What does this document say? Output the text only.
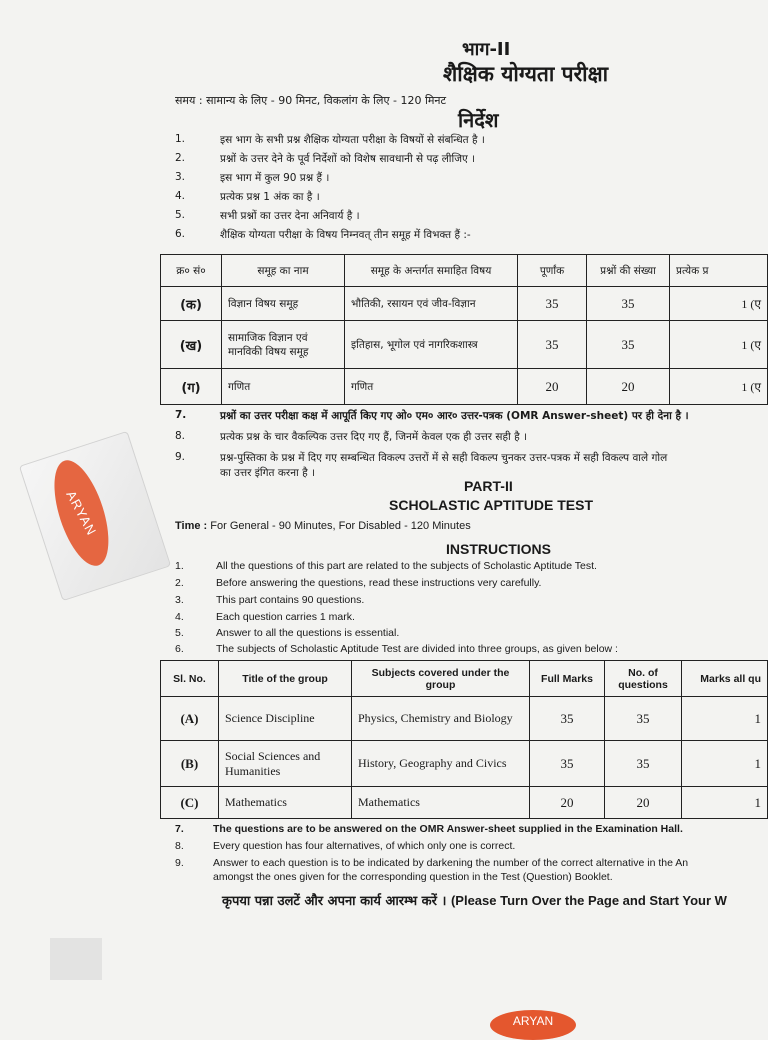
भाग-II
शैक्षिक योग्यता परीक्षा
समय : सामान्य के लिए - 90 मिनट, विकलांग के लिए - 120 मिनट
निर्देश
1.	इस भाग के सभी प्रश्न शैक्षिक योग्यता परीक्षा के विषयों से संबन्धित है ।
2.	प्रश्नों के उत्तर देने के पूर्व निर्देशों को विशेष सावधानी से पढ़ लीजिए ।
3.	इस भाग में कुल 90 प्रश्न हैं ।
4.	प्रत्येक प्रश्न 1 अंक का है ।
5.	सभी प्रश्नों का उत्तर देना अनिवार्य है ।
6.	शैक्षिक योग्यता परीक्षा के विषय निम्नवत् तीन समूह में विभक्त हैं :-
क्र० सं०	समूह का नाम	समूह के अन्तर्गत समाहित विषय	पूर्णांक	प्रश्नों की संख्या	प्रत्येक प्र
(क)	विज्ञान विषय समूह	भौतिकी, रसायन एवं जीव-विज्ञान	35	35	1 (ए
(ख)	सामाजिक विज्ञान एवं मानविकी विषय समूह	इतिहास, भूगोल एवं नागरिकशास्त्र	35	35	1 (ए
(ग)	गणित	गणित	20	20	1 (ए
7.	प्रश्नों का उत्तर परीक्षा कक्ष में आपूर्ति किए गए ओ० एम० आर० उत्तर-पत्रक (OMR Answer-sheet) पर ही देना है ।
8.	प्रत्येक प्रश्न के चार वैकल्पिक उत्तर दिए गए हैं, जिनमें केवल एक ही उत्तर सही है ।
9.	प्रश्न-पुस्तिका के प्रश्न में दिए गए सम्बन्धित विकल्प उत्तरों में से सही विकल्प चुनकर उत्तर-पत्रक में सही विकल्प वाले गोल
का उत्तर इंगित करना है ।
PART-II
SCHOLASTIC APTITUDE TEST
Time : For General - 90 Minutes, For Disabled - 120 Minutes
INSTRUCTIONS
1.	All the questions of this part are related to the subjects of Scholastic Aptitude Test.
2.	Before answering the questions, read these instructions very carefully.
3.	This part contains 90 questions.
4.	Each question carries 1 mark.
5.	Answer to all the questions is essential.
6.	The subjects of Scholastic Aptitude Test are divided into three groups, as given below :
Sl. No.	Title of the group	Subjects covered under the group	Full Marks	No. of questions	Marks all qu
(A)	Science Discipline	Physics, Chemistry and Biology	35	35	1
(B)	Social Sciences and Humanities	History, Geography and Civics	35	35	1
(C)	Mathematics	Mathematics	20	20	1
7.	The questions are to be answered on the OMR Answer-sheet supplied in the Examination Hall.
8.	Every question has four alternatives, of which only one is correct.
9.	Answer to each question is to be indicated by darkening the number of the correct alternative in the An
amongst the ones given for the corresponding question in the Test (Question) Booklet.
कृपया पन्ना उलटें और अपना कार्य आरम्भ करें । (Please Turn Over the Page and Start Your W
ARYAN
ARYAN
